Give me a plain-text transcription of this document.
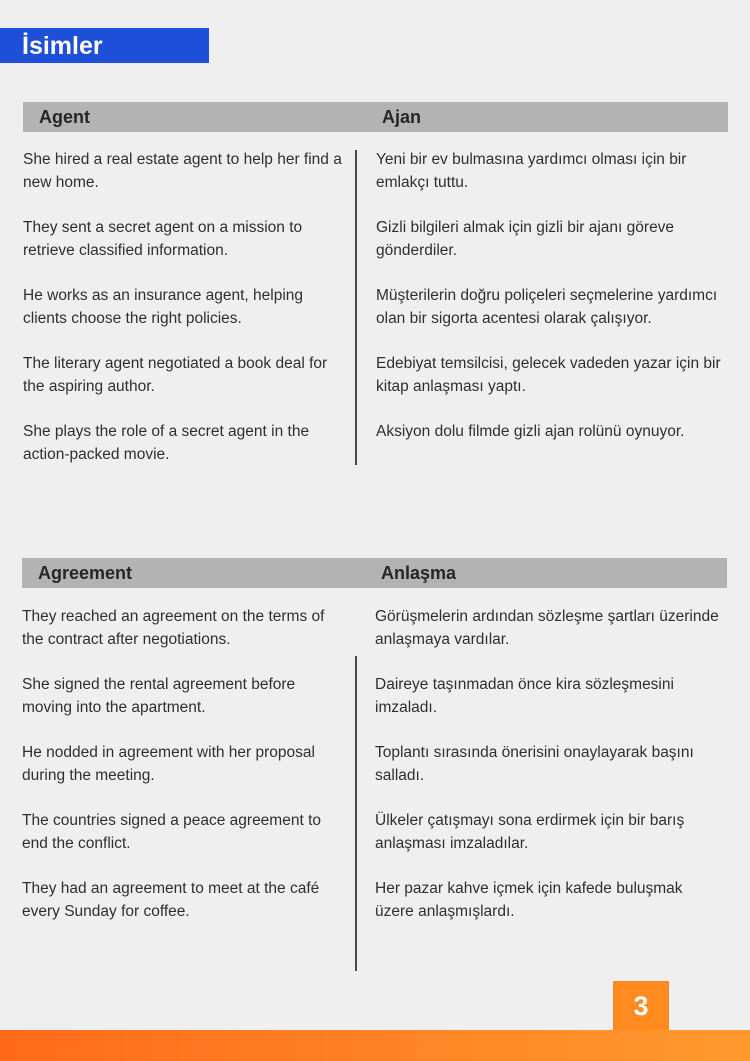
İsimler
Agent	Ajan

She hired a real estate agent to help her find a new home.

They sent a secret agent on a mission to retrieve classified information.

He works as an insurance agent, helping clients choose the right policies.

The literary agent negotiated a book deal for the aspiring author.

She plays the role of a secret agent in the action-packed movie.

Yeni bir ev bulmasına yardımcı olması için bir emlakçı tuttu.

Gizli bilgileri almak için gizli bir ajanı göreve gönderdiler.

Müşterilerin doğru poliçeleri seçmelerine yardımcı olan bir sigorta acentesi olarak çalışıyor.

Edebiyat temsilcisi, gelecek vadeden yazar için bir kitap anlaşması yaptı.

Aksiyon dolu filmde gizli ajan rolünü oynuyor.

Agreement	Anlaşma

They reached an agreement on the terms of the contract after negotiations.

She signed the rental agreement before moving into the apartment.

He nodded in agreement with her proposal during the meeting.

The countries signed a peace agreement to end the conflict.

They had an agreement to meet at the café every Sunday for coffee.

Görüşmelerin ardından sözleşme şartları üzerinde anlaşmaya vardılar.

Daireye taşınmadan önce kira sözleşmesini imzaladı.

Toplantı sırasında önerisini onaylayarak başını salladı.

Ülkeler çatışmayı sona erdirmek için bir barış anlaşması imzaladılar.

Her pazar kahve içmek için kafede buluşmak üzere anlaşmışlardı.

3
